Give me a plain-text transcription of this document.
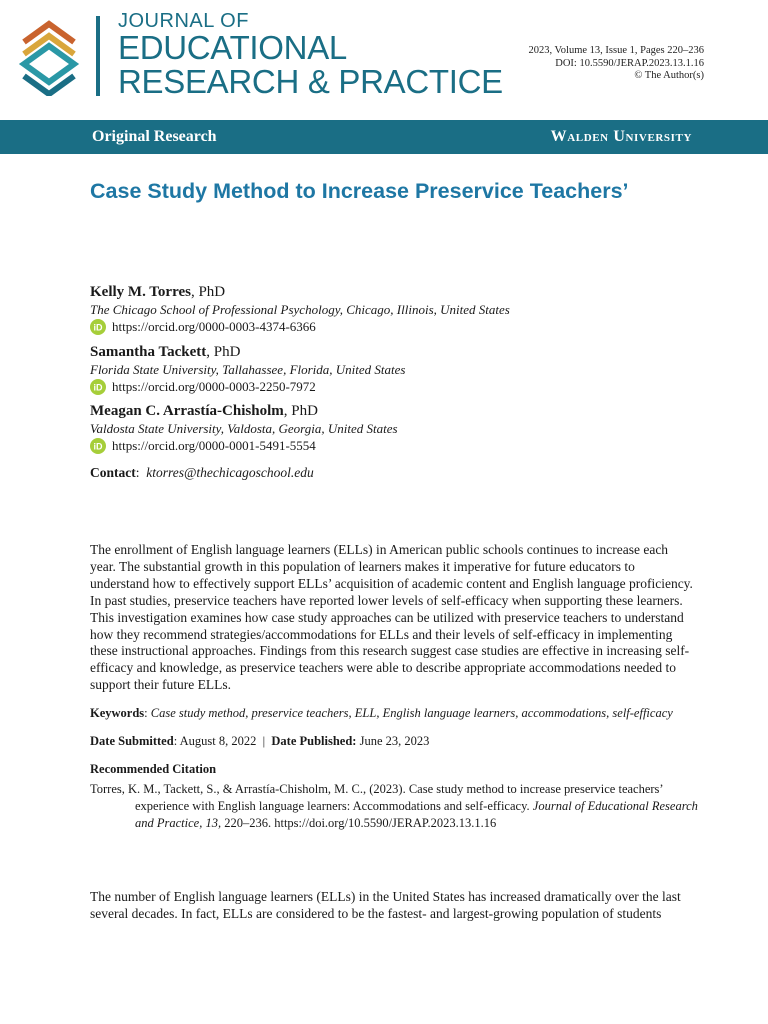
JOURNAL OF
EDUCATIONAL
RESEARCH & PRACTICE
2023, Volume 13, Issue 1, Pages 220–236
DOI: 10.5590/JERAP.2023.13.1.16
© The Author(s)
Original Research	Walden University
Case Study Method to Increase Preservice Teachers’
Kelly M. Torres, PhD
The Chicago School of Professional Psychology, Chicago, Illinois, United States
iD https://orcid.org/0000-0003-4374-6366
Samantha Tackett, PhD
Florida State University, Tallahassee, Florida, United States
iD https://orcid.org/0000-0003-2250-7972
Meagan C. Arrastía-Chisholm, PhD
Valdosta State University, Valdosta, Georgia, United States
iD https://orcid.org/0000-0001-5491-5554
Contact:  ktorres@thechicagoschool.edu

The enrollment of English language learners (ELLs) in American public schools continues to increase each year. The substantial growth in this population of learners makes it imperative for future educators to understand how to effectively support ELLs’ acquisition of academic content and English language proficiency. In past studies, preservice teachers have reported lower levels of self-efficacy when supporting these learners. This investigation examines how case study approaches can be utilized with preservice teachers to understand how they recommend strategies/accommodations for ELLs and their levels of self-efficacy in implementing these instructional approaches. Findings from this research suggest case studies are effective in increasing self-efficacy and knowledge, as preservice teachers were able to describe appropriate accommodations needed to support their future ELLs.

Keywords: Case study method, preservice teachers, ELL, English language learners, accommodations, self-efficacy
Date Submitted: August 8, 2022 | Date Published: June 23, 2023
Recommended Citation
Torres, K. M., Tackett, S., & Arrastía-Chisholm, M. C., (2023). Case study method to increase preservice teachers’
experience with English language learners: Accommodations and self-efficacy. Journal of Educational Research
and Practice, 13, 220–236. https://doi.org/10.5590/JERAP.2023.13.1.16

The number of English language learners (ELLs) in the United States has increased dramatically over the last several decades. In fact, ELLs are considered to be the fastest- and largest-growing population of students
